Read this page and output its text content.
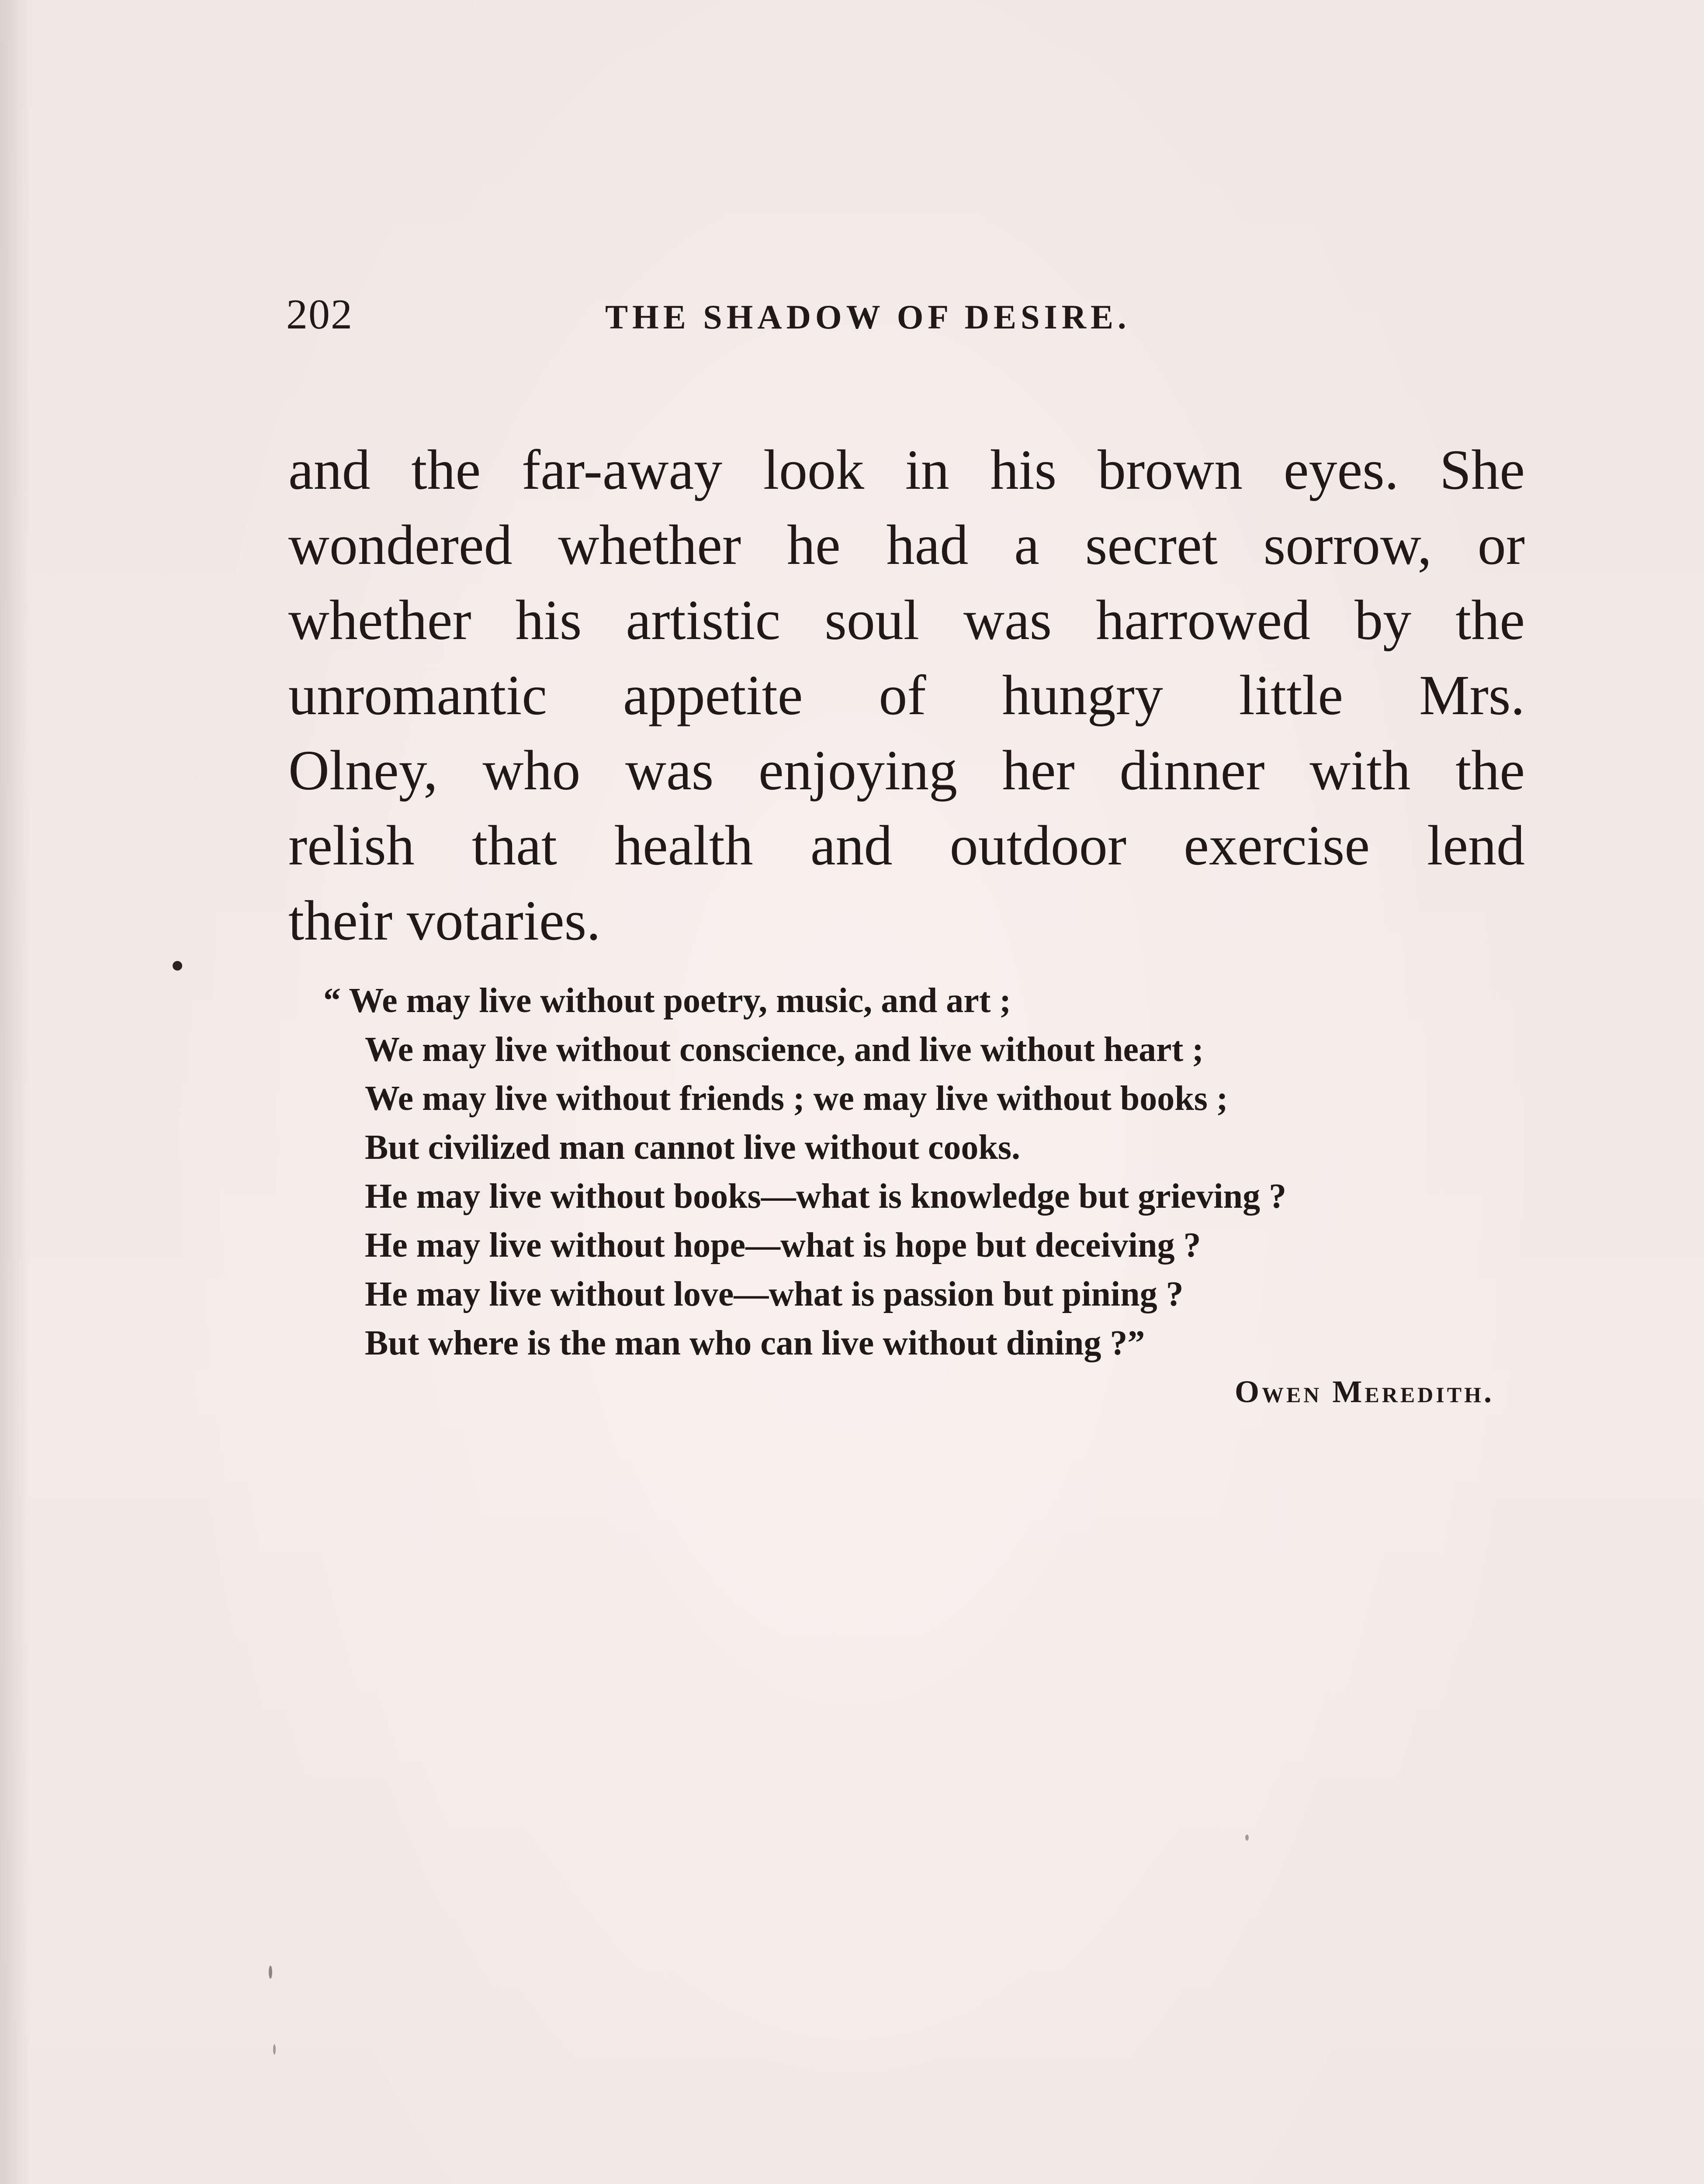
202	THE SHADOW OF DESIRE.
and the far-away look in his brown eyes. She
wondered whether he had a secret sorrow, or
whether his artistic soul was harrowed by the
unromantic appetite of hungry little Mrs.
Olney, who was enjoying her dinner with the
relish that health and outdoor exercise lend
their votaries.
“ We may live without poetry, music, and art ;
We may live without conscience, and live without heart ;
We may live without friends ; we may live without books ;
But civilized man cannot live without cooks.
He may live without books—what is knowledge but grieving ?
He may live without hope—what is hope but deceiving ?
He may live without love—what is passion but pining ?
But where is the man who can live without dining ?”
Owen Meredith.
